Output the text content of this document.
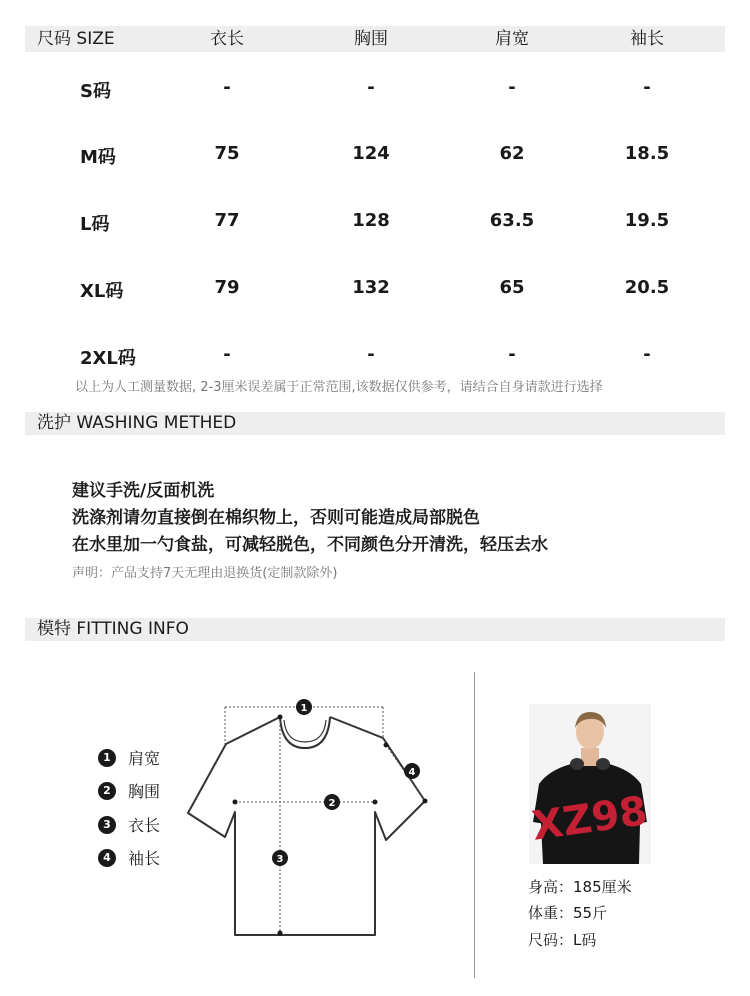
尺码 SIZE	衣长	胸围	肩宽	袖长
S码	-	-	-	-
M码	75	124	62	18.5
L码	77	128	63.5	19.5
XL码	79	132	65	20.5
2XL码	-	-	-	-
以上为人工测量数据, 2-3厘米误差属于正常范围,该数据仅供参考，请结合自身请款进行选择
洗护 WASHING METHED
建议手洗/反面机洗
洗涤剂请勿直接倒在棉织物上，否则可能造成局部脱色
在水里加一勺食盐，可减轻脱色，不同颜色分开清洗，轻压去水
声明：产品支持7天无理由退换货(定制款除外)
模特 FITTING INFO
1 肩宽
2 胸围
3 衣长
4 袖长
1
2
3
4
XZ98
身高：185厘米
体重：55斤
尺码：L码
